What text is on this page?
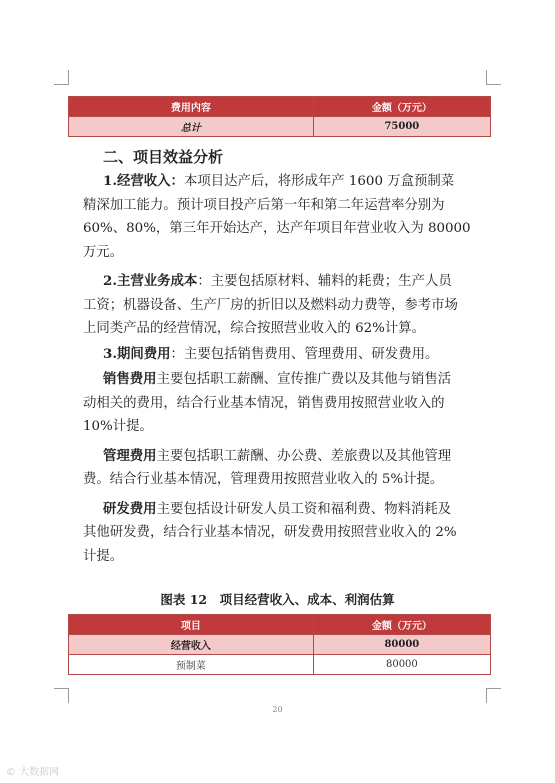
费用内容	金额（万元）
总计	75000
二、项目效益分析
1.经营收入：本项目达产后，将形成年产 1600 万盒预制菜
精深加工能力。预计项目投产后第一年和第二年运营率分别为
60%、80%，第三年开始达产，达产年项目年营业收入为 80000
万元。
2.主营业务成本：主要包括原材料、辅料的耗费；生产人员
工资；机器设备、生产厂房的折旧以及燃料动力费等，参考市场
上同类产品的经营情况，综合按照营业收入的 62%计算。
3.期间费用：主要包括销售费用、管理费用、研发费用。
销售费用主要包括职工薪酬、宣传推广费以及其他与销售活
动相关的费用，结合行业基本情况，销售费用按照营业收入的
10%计提。
管理费用主要包括职工薪酬、办公费、差旅费以及其他管理
费。结合行业基本情况，管理费用按照营业收入的 5%计提。
研发费用主要包括设计研发人员工资和福利费、物料消耗及
其他研发费，结合行业基本情况，研发费用按照营业收入的 2%
计提。
图表 12　项目经营收入、成本、利润估算
项目	金额（万元）
经营收入	80000
预制菜	80000
20
© 大数据网
